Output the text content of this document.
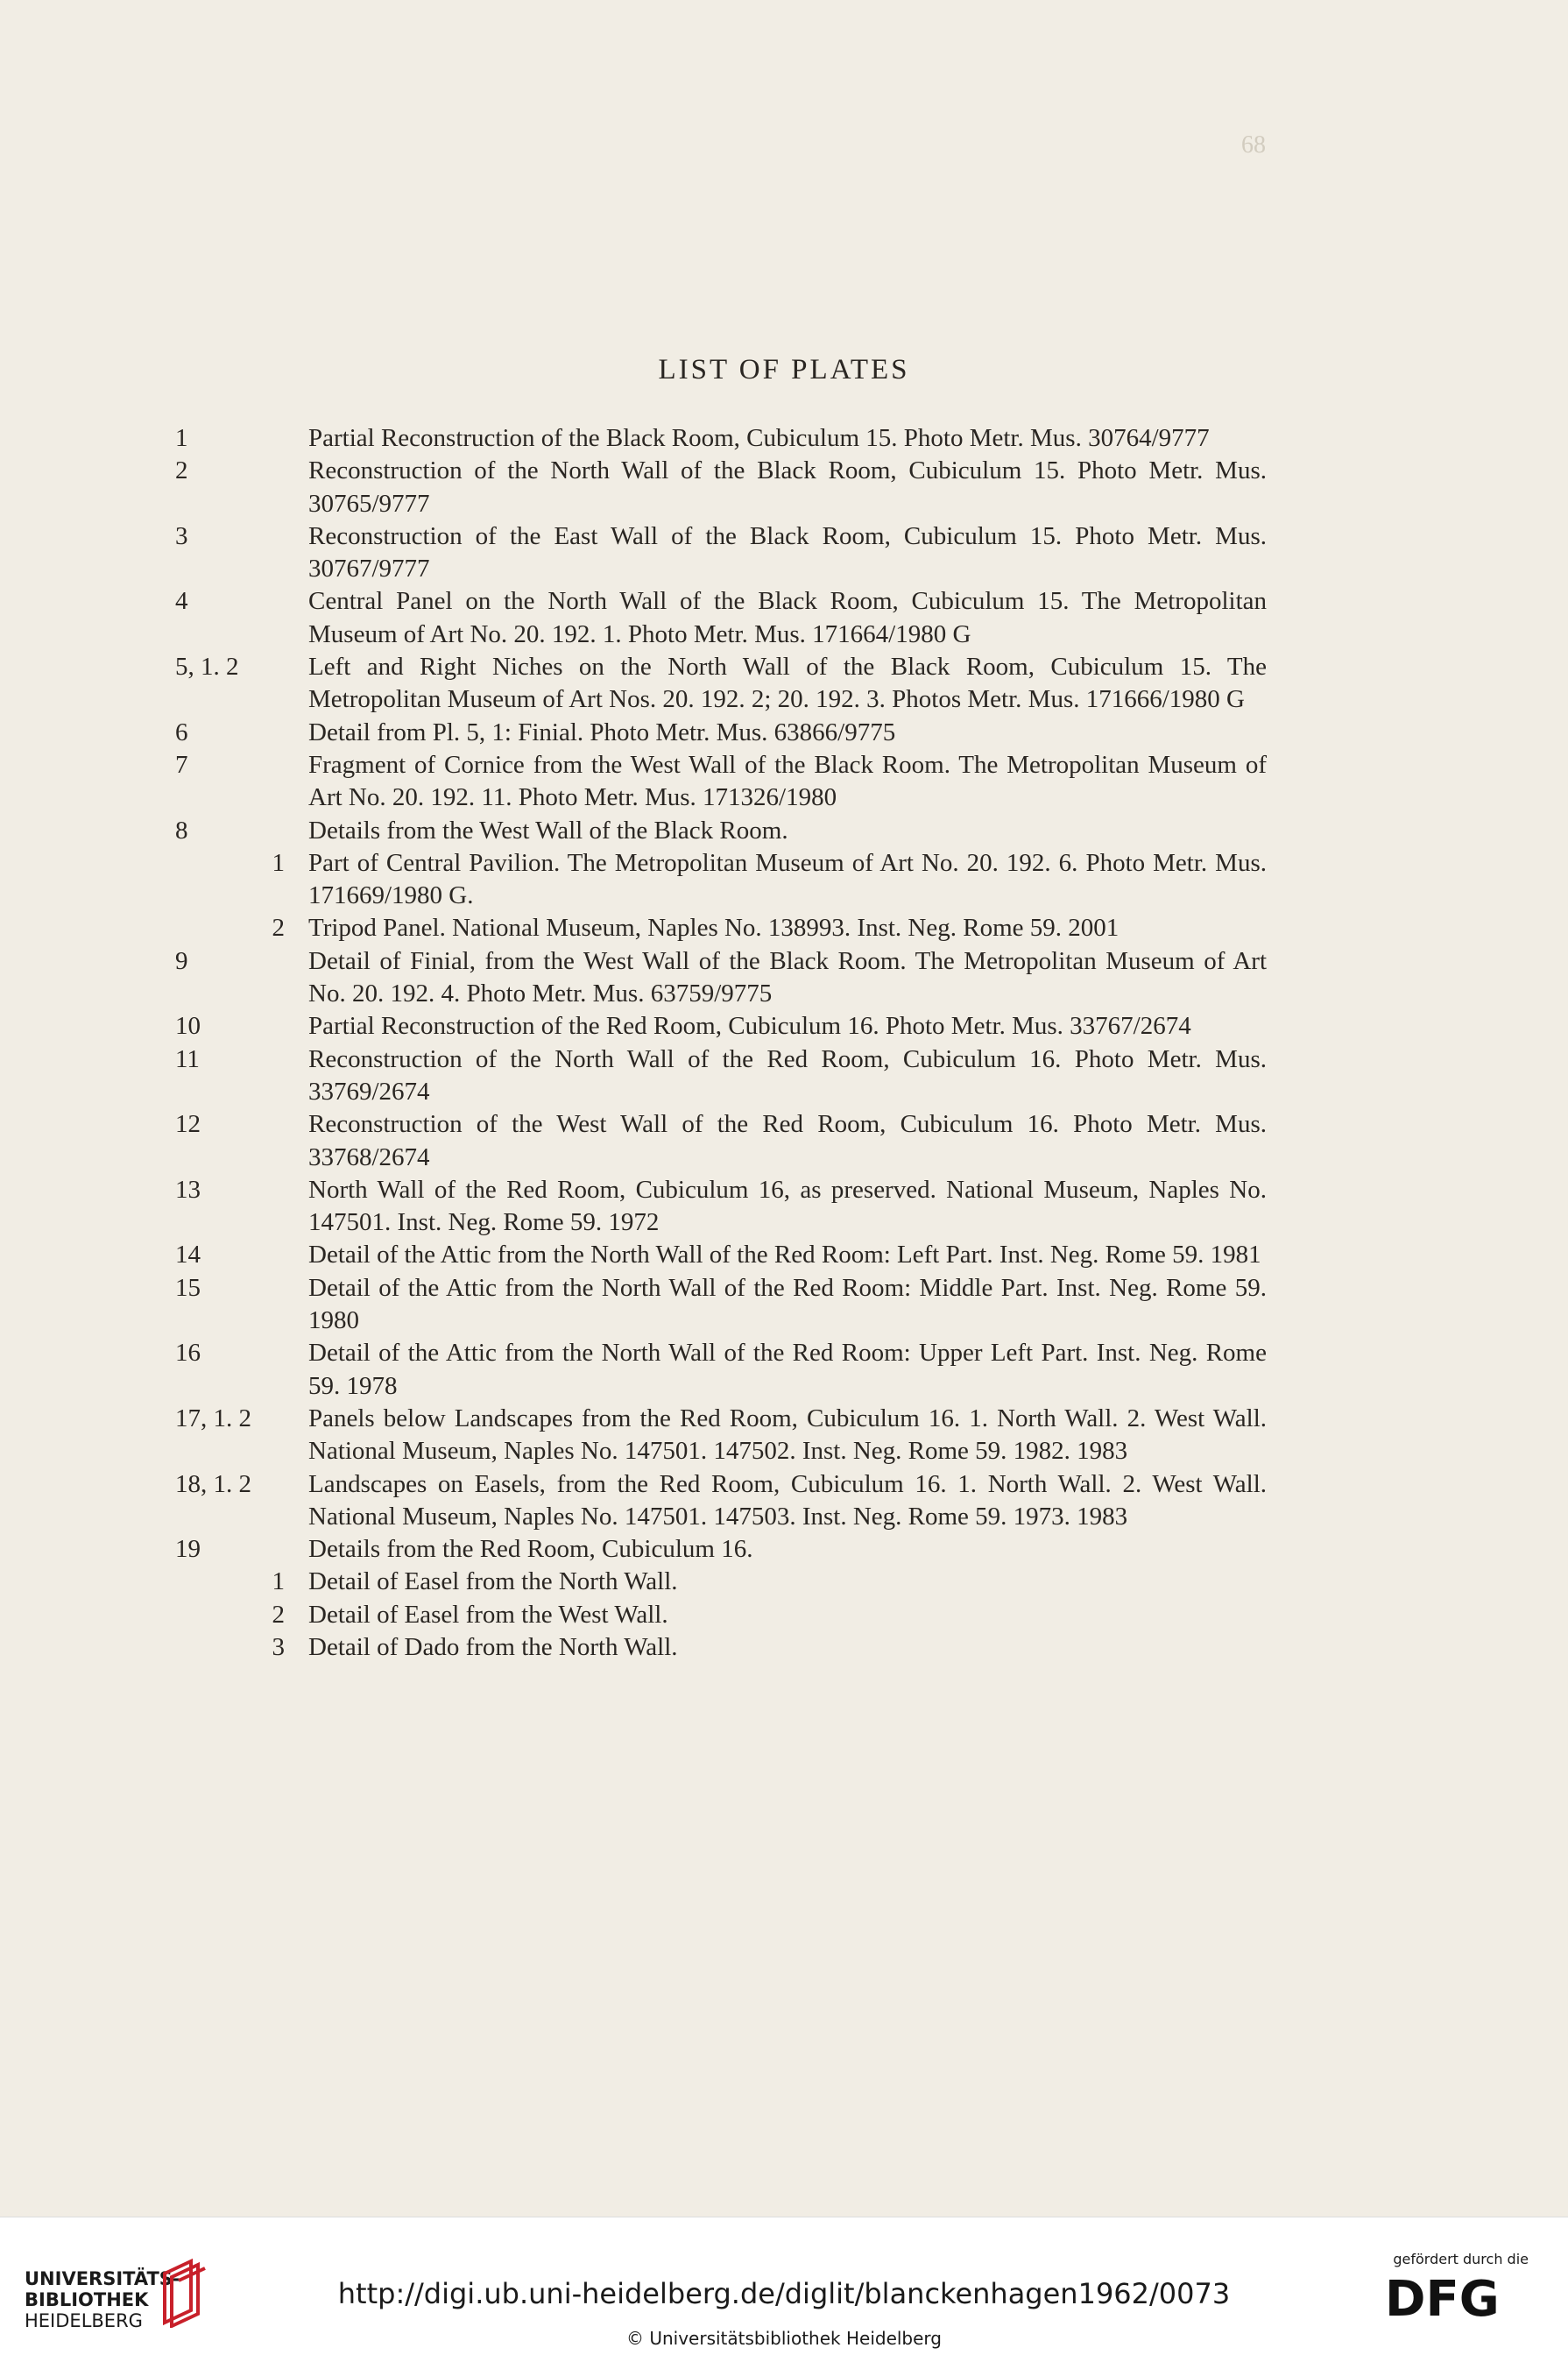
68
LIST OF PLATES
1	Partial Reconstruction of the Black Room, Cubiculum 15. Photo Metr. Mus. 30764/9777
2	Reconstruction of the North Wall of the Black Room, Cubiculum 15. Photo Metr. Mus. 30765/9777
3	Reconstruction of the East Wall of the Black Room, Cubiculum 15. Photo Metr. Mus. 30767/9777
4	Central Panel on the North Wall of the Black Room, Cubiculum 15. The Metropolitan Museum of Art No. 20. 192. 1. Photo Metr. Mus. 171664/1980 G
5, 1. 2	Left and Right Niches on the North Wall of the Black Room, Cubiculum 15. The Metropolitan Museum of Art Nos. 20. 192. 2; 20. 192. 3. Photos Metr. Mus. 171666/1980 G
6	Detail from Pl. 5, 1: Finial. Photo Metr. Mus. 63866/9775
7	Fragment of Cornice from the West Wall of the Black Room. The Metropolitan Museum of Art No. 20. 192. 11. Photo Metr. Mus. 171326/1980
8	Details from the West Wall of the Black Room.
1 Part of Central Pavilion. The Metropolitan Museum of Art No. 20. 192. 6. Photo Metr. Mus. 171669/1980 G.
2 Tripod Panel. National Museum, Naples No. 138993. Inst. Neg. Rome 59. 2001
9	Detail of Finial, from the West Wall of the Black Room. The Metropolitan Museum of Art No. 20. 192. 4. Photo Metr. Mus. 63759/9775
10	Partial Reconstruction of the Red Room, Cubiculum 16. Photo Metr. Mus. 33767/2674
11	Reconstruction of the North Wall of the Red Room, Cubiculum 16. Photo Metr. Mus. 33769/2674
12	Reconstruction of the West Wall of the Red Room, Cubiculum 16. Photo Metr. Mus. 33768/2674
13	North Wall of the Red Room, Cubiculum 16, as preserved. National Museum, Naples No. 147501. Inst. Neg. Rome 59. 1972
14	Detail of the Attic from the North Wall of the Red Room: Left Part. Inst. Neg. Rome 59. 1981
15	Detail of the Attic from the North Wall of the Red Room: Middle Part. Inst. Neg. Rome 59. 1980
16	Detail of the Attic from the North Wall of the Red Room: Upper Left Part. Inst. Neg. Rome 59. 1978
17, 1. 2	Panels below Landscapes from the Red Room, Cubiculum 16. 1. North Wall. 2. West Wall. National Museum, Naples No. 147501. 147502. Inst. Neg. Rome 59. 1982. 1983
18, 1. 2	Landscapes on Easels, from the Red Room, Cubiculum 16. 1. North Wall. 2. West Wall. National Museum, Naples No. 147501. 147503. Inst. Neg. Rome 59. 1973. 1983
19	Details from the Red Room, Cubiculum 16.
1 Detail of Easel from the North Wall.
2 Detail of Easel from the West Wall.
3 Detail of Dado from the North Wall.
UNIVERSITÄTS-
BIBLIOTHEK
HEIDELBERG
http://digi.ub.uni-heidelberg.de/diglit/blanckenhagen1962/0073
© Universitätsbibliothek Heidelberg
gefördert durch die
DFG
